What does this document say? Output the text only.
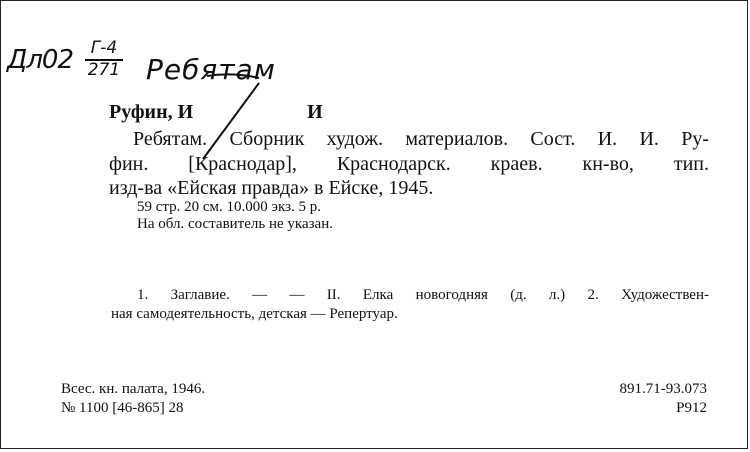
Дл02	Г-4
271 Ребятам
Руфин, И	И
Ребятам. Сборник худож. материалов. Сост. И. И. Ру-
фин. [Краснодар], Краснодарск. краев. кн-во, тип.
изд-ва «Ейская правда» в Ейске, 1945.
59 стр. 20 см. 10.000 экз. 5 р.
На обл. составитель не указан.
1. Заглавие. — — II. Елка новогодняя (д. л.) 2. Художествен-
ная самодеятельность, детская — Репертуар.
Всес. кн. палата, 1946.
№ 1100 [46-865] 28
891.71-93.073
Р912
